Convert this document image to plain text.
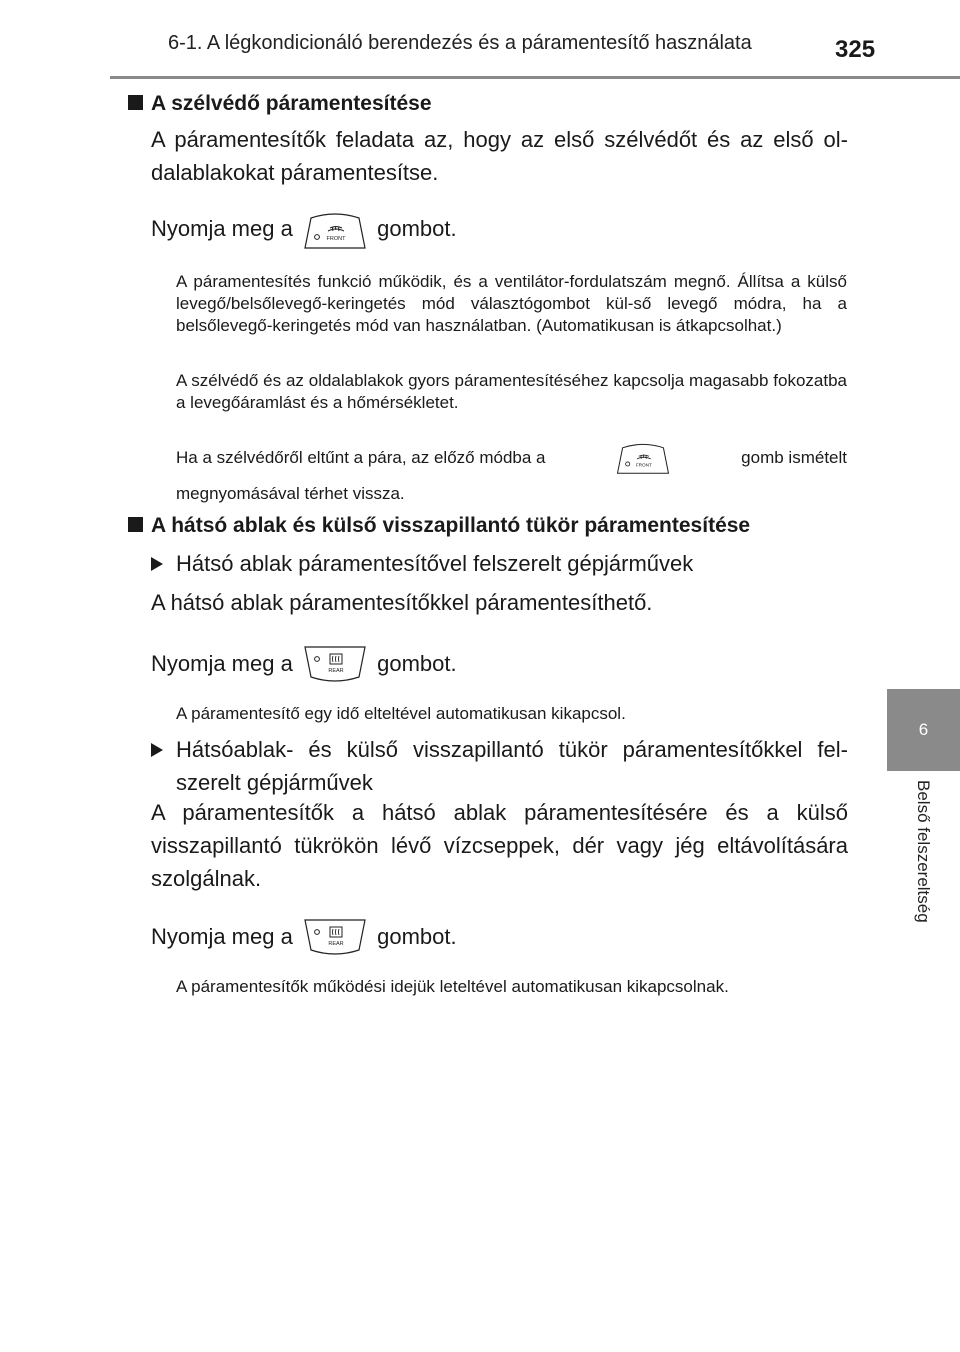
6-1. A légkondicionáló berendezés és a páramentesítő használata	325
6
Belső felszereltség
A szélvédő páramentesítése
A páramentesítők feladata az, hogy az első szélvédőt és az első ol-dalablakokat páramentesítse.
Nyomja meg a	FRONT gombot.
A páramentesítés funkció működik, és a ventilátor-fordulatszám megnő. Állítsa a külső levegő/belsőlevegő-keringetés mód választógombot kül-ső levegő módra, ha a belsőlevegő-keringetés mód van használatban. (Automatikusan is átkapcsolhat.)
A szélvédő és az oldalablakok gyors páramentesítéséhez kapcsolja magasabb fokozatba a levegőáramlást és a hőmérsékletet.
Ha a szélvédőről eltűnt a pára, az előző módba a	FRONT	gomb ismételt
megnyomásával térhet vissza.
A hátsó ablak és külső visszapillantó tükör páramentesítése
Hátsó ablak páramentesítővel felszerelt gépjárművek
A hátsó ablak páramentesítőkkel páramentesíthető.
Nyomja meg a	REAR gombot.
A páramentesítő egy idő elteltével automatikusan kikapcsol.
Hátsóablak- és külső visszapillantó tükör páramentesítőkkel fel-szerelt gépjárművek
A páramentesítők a hátsó ablak páramentesítésére és a külső visszapillantó tükrökön lévő vízcseppek, dér vagy jég eltávolítására szolgálnak.
Nyomja meg a	REAR gombot.
A páramentesítők működési idejük leteltével automatikusan kikapcsolnak.
